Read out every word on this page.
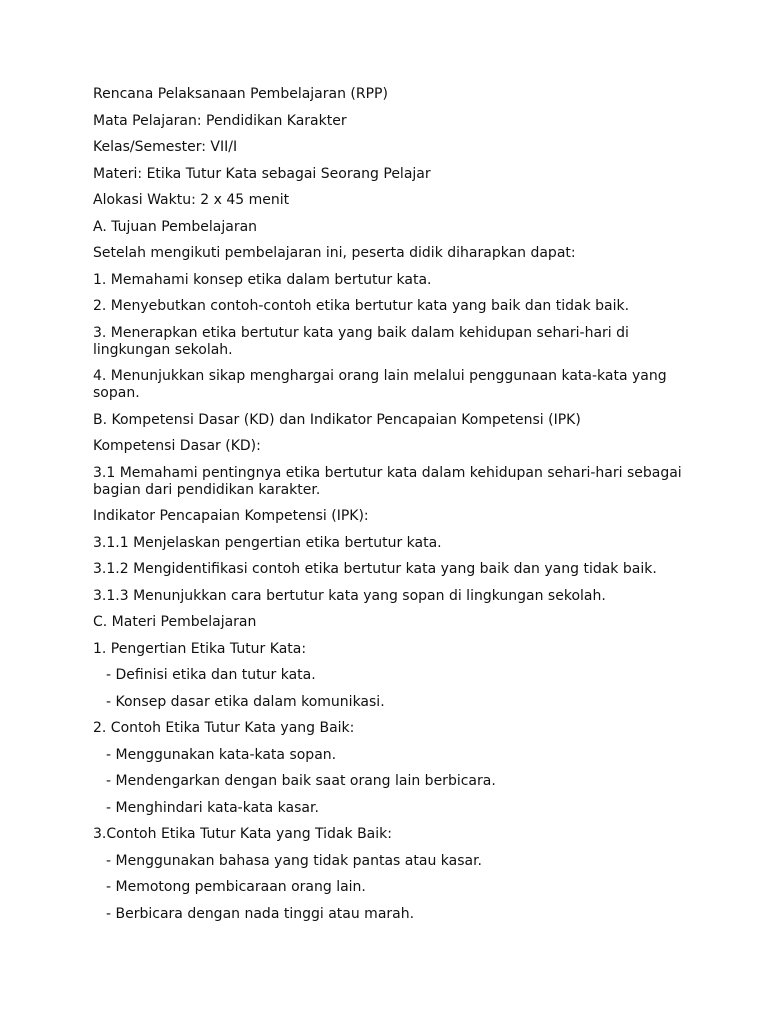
Rencana Pelaksanaan Pembelajaran (RPP)

Mata Pelajaran: Pendidikan Karakter

Kelas/Semester: VII/I

Materi: Etika Tutur Kata sebagai Seorang Pelajar

Alokasi Waktu: 2 x 45 menit

A. Tujuan Pembelajaran

Setelah mengikuti pembelajaran ini, peserta didik diharapkan dapat:

1. Memahami konsep etika dalam bertutur kata.

2. Menyebutkan contoh-contoh etika bertutur kata yang baik dan tidak baik.

3. Menerapkan etika bertutur kata yang baik dalam kehidupan sehari-hari di lingkungan sekolah.

4. Menunjukkan sikap menghargai orang lain melalui penggunaan kata-kata yang sopan.

B. Kompetensi Dasar (KD) dan Indikator Pencapaian Kompetensi (IPK)

Kompetensi Dasar (KD):

3.1 Memahami pentingnya etika bertutur kata dalam kehidupan sehari-hari sebagai bagian dari pendidikan karakter.

Indikator Pencapaian Kompetensi (IPK):

3.1.1 Menjelaskan pengertian etika bertutur kata.

3.1.2 Mengidentifikasi contoh etika bertutur kata yang baik dan yang tidak baik.

3.1.3 Menunjukkan cara bertutur kata yang sopan di lingkungan sekolah.

C. Materi Pembelajaran

1. Pengertian Etika Tutur Kata:

- Definisi etika dan tutur kata.

- Konsep dasar etika dalam komunikasi.

2. Contoh Etika Tutur Kata yang Baik:

- Menggunakan kata-kata sopan.

- Mendengarkan dengan baik saat orang lain berbicara.

- Menghindari kata-kata kasar.

3.Contoh Etika Tutur Kata yang Tidak Baik:

- Menggunakan bahasa yang tidak pantas atau kasar.

- Memotong pembicaraan orang lain.

- Berbicara dengan nada tinggi atau marah.
